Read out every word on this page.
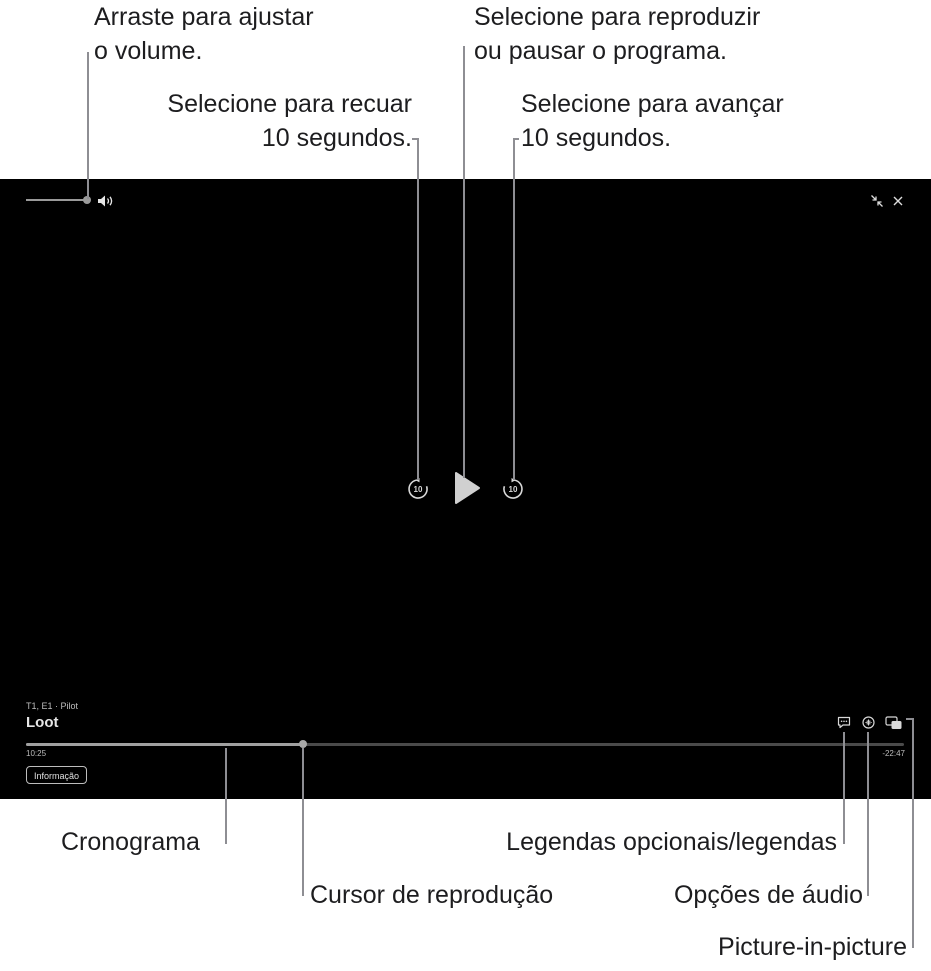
Arraste para ajustar
o volume.
Selecione para reproduzir
ou pausar o programa.
Selecione para recuar
10 segundos.
Selecione para avançar
10 segundos.
Cronograma
Cursor de reprodução
Legendas opcionais/legendas
Opções de áudio
Picture-in-picture
10	10
T1, E1 · Pilot
Loot
10:25	-22:47
Informação
